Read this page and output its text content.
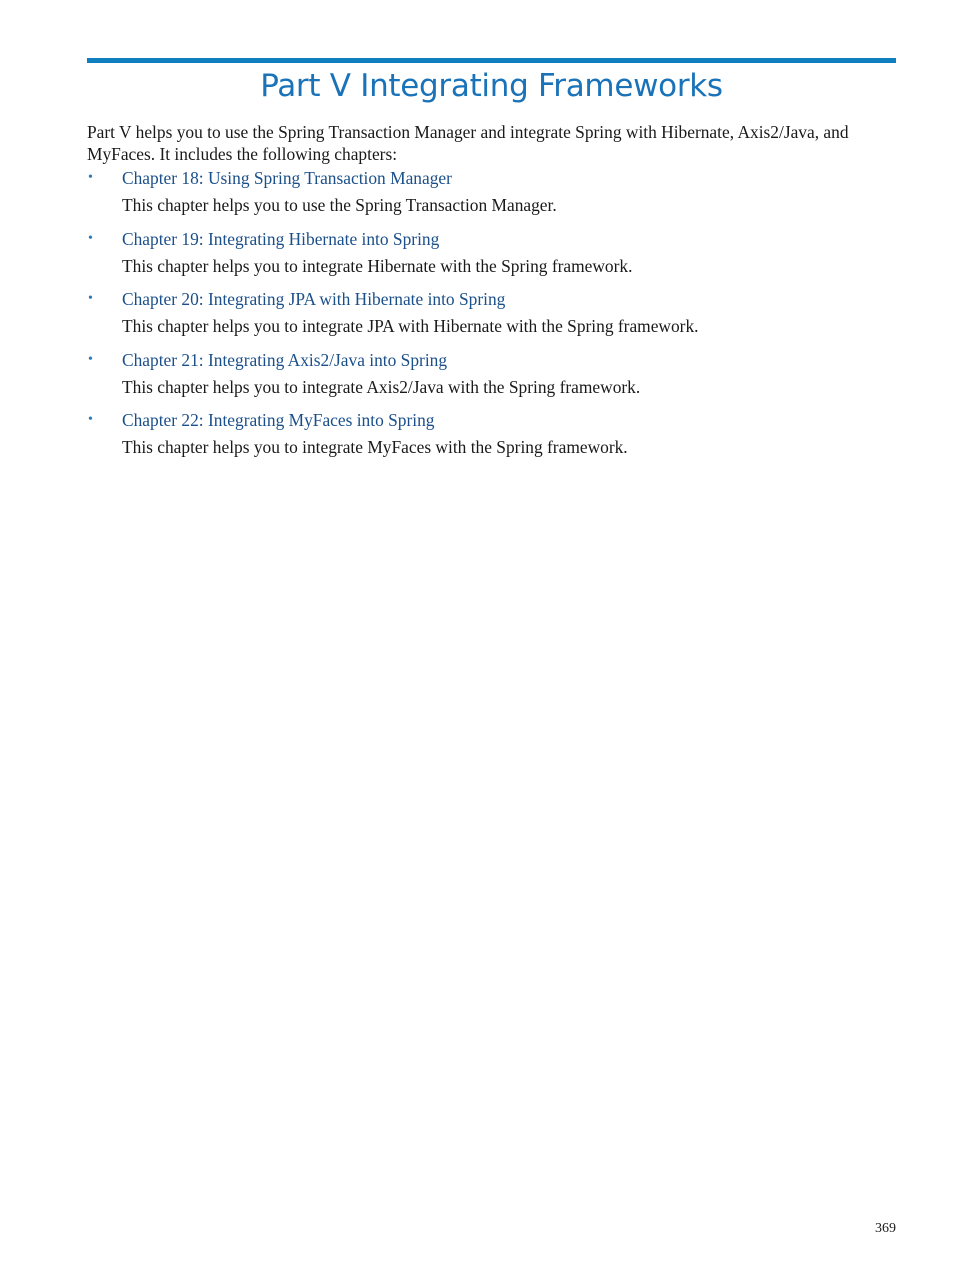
Part V Integrating Frameworks

Part V helps you to use the Spring Transaction Manager and integrate Spring with Hibernate, Axis2/Java, and MyFaces. It includes the following chapters:

• Chapter 18: Using Spring Transaction Manager
This chapter helps you to use the Spring Transaction Manager.
• Chapter 19: Integrating Hibernate into Spring
This chapter helps you to integrate Hibernate with the Spring framework.
• Chapter 20: Integrating JPA with Hibernate into Spring
This chapter helps you to integrate JPA with Hibernate with the Spring framework.
• Chapter 21: Integrating Axis2/Java into Spring
This chapter helps you to integrate Axis2/Java with the Spring framework.
• Chapter 22: Integrating MyFaces into Spring
This chapter helps you to integrate MyFaces with the Spring framework.
369
